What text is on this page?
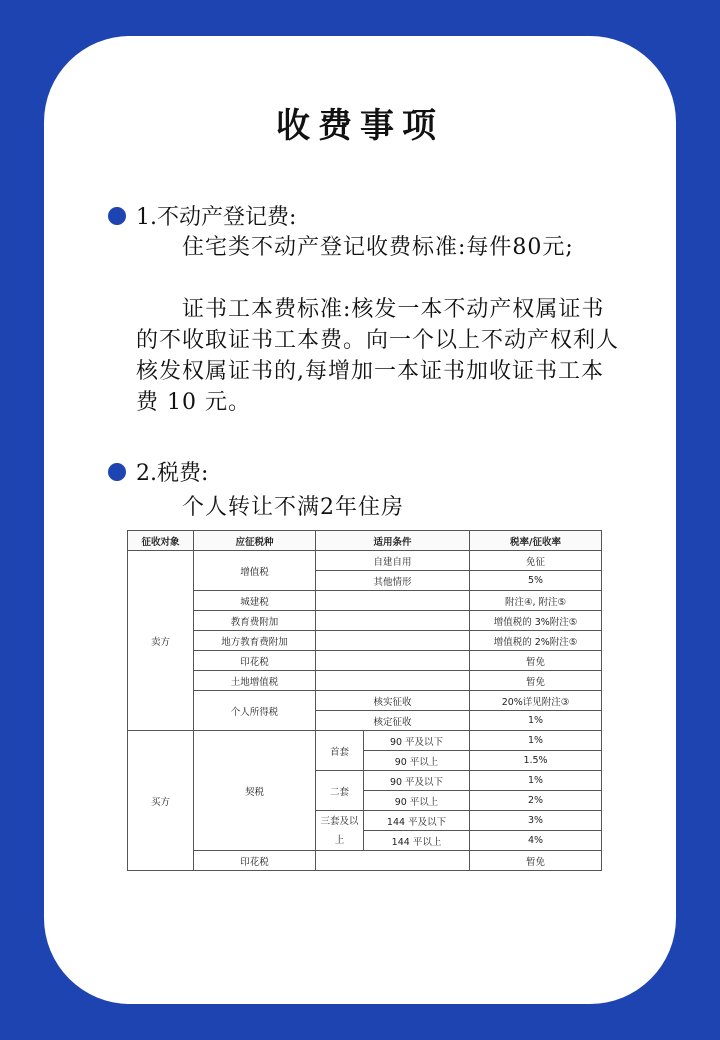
收费事项
1.不动产登记费:

住宅类不动产登记收费标准:每件80元;

证书工本费标准:核发一本不动产权属证书的不收取证书工本费。向一个以上不动产权利人核发权属证书的,每增加一本证书加收证书工本费 10 元。

2.税费:
个人转让不满2年住房
征收对象	应征税种	适用条件		税率/征收率
卖方	增值税	自建自用		免征
		其他情形		5%
	城建税			附注④, 附注⑤
	教育费附加			增值税的 3%附注⑤
	地方教育费附加			增值税的 2%附注⑤
	印花税			暂免
	土地增值税			暂免
	个人所得税	核实征收		20%详见附注③
		核定征收		1%
买方	契税	首套	90 平及以下	1%
			90 平以上	1.5%
		二套	90 平及以下	1%
			90 平以上	2%
		三套及以上	144 平及以下	3%
			144 平以上	4%
	印花税			暂免
